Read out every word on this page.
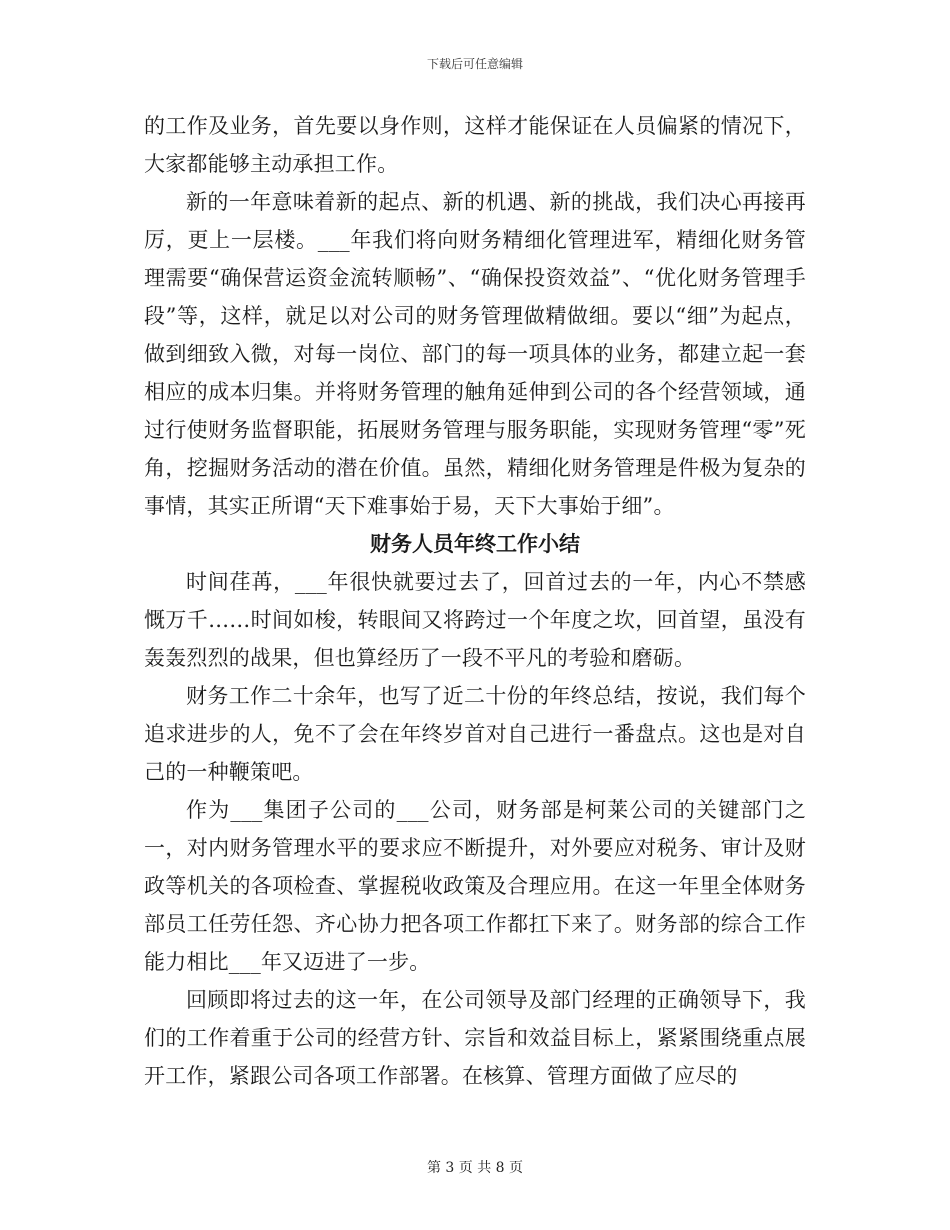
下载后可任意编辑

的工作及业务，首先要以身作则，这样才能保证在人员偏紧的情况下，大家都能够主动承担工作。

新的一年意味着新的起点、新的机遇、新的挑战，我们决心再接再厉，更上一层楼。___年我们将向财务精细化管理进军，精细化财务管理需要“确保营运资金流转顺畅”、“确保投资效益”、“优化财务管理手段”等，这样，就足以对公司的财务管理做精做细。要以“细”为起点，做到细致入微，对每一岗位、部门的每一项具体的业务，都建立起一套相应的成本归集。并将财务管理的触角延伸到公司的各个经营领域，通过行使财务监督职能，拓展财务管理与服务职能，实现财务管理“零”死角，挖掘财务活动的潜在价值。虽然，精细化财务管理是件极为复杂的事情，其实正所谓“天下难事始于易，天下大事始于细”。

财务人员年终工作小结

时间荏苒，___年很快就要过去了，回首过去的一年，内心不禁感慨万千……时间如梭，转眼间又将跨过一个年度之坎，回首望，虽没有轰轰烈烈的战果，但也算经历了一段不平凡的考验和磨砺。

财务工作二十余年，也写了近二十份的年终总结，按说，我们每个追求进步的人，免不了会在年终岁首对自己进行一番盘点。这也是对自己的一种鞭策吧。

作为___集团子公司的___公司，财务部是柯莱公司的关键部门之一，对内财务管理水平的要求应不断提升，对外要应对税务、审计及财政等机关的各项检查、掌握税收政策及合理应用。在这一年里全体财务部员工任劳任怨、齐心协力把各项工作都扛下来了。财务部的综合工作能力相比___年又迈进了一步。

回顾即将过去的这一年，在公司领导及部门经理的正确领导下，我们的工作着重于公司的经营方针、宗旨和效益目标上，紧紧围绕重点展开工作，紧跟公司各项工作部署。在核算、管理方面做了应尽的

第 3 页 共 8 页
